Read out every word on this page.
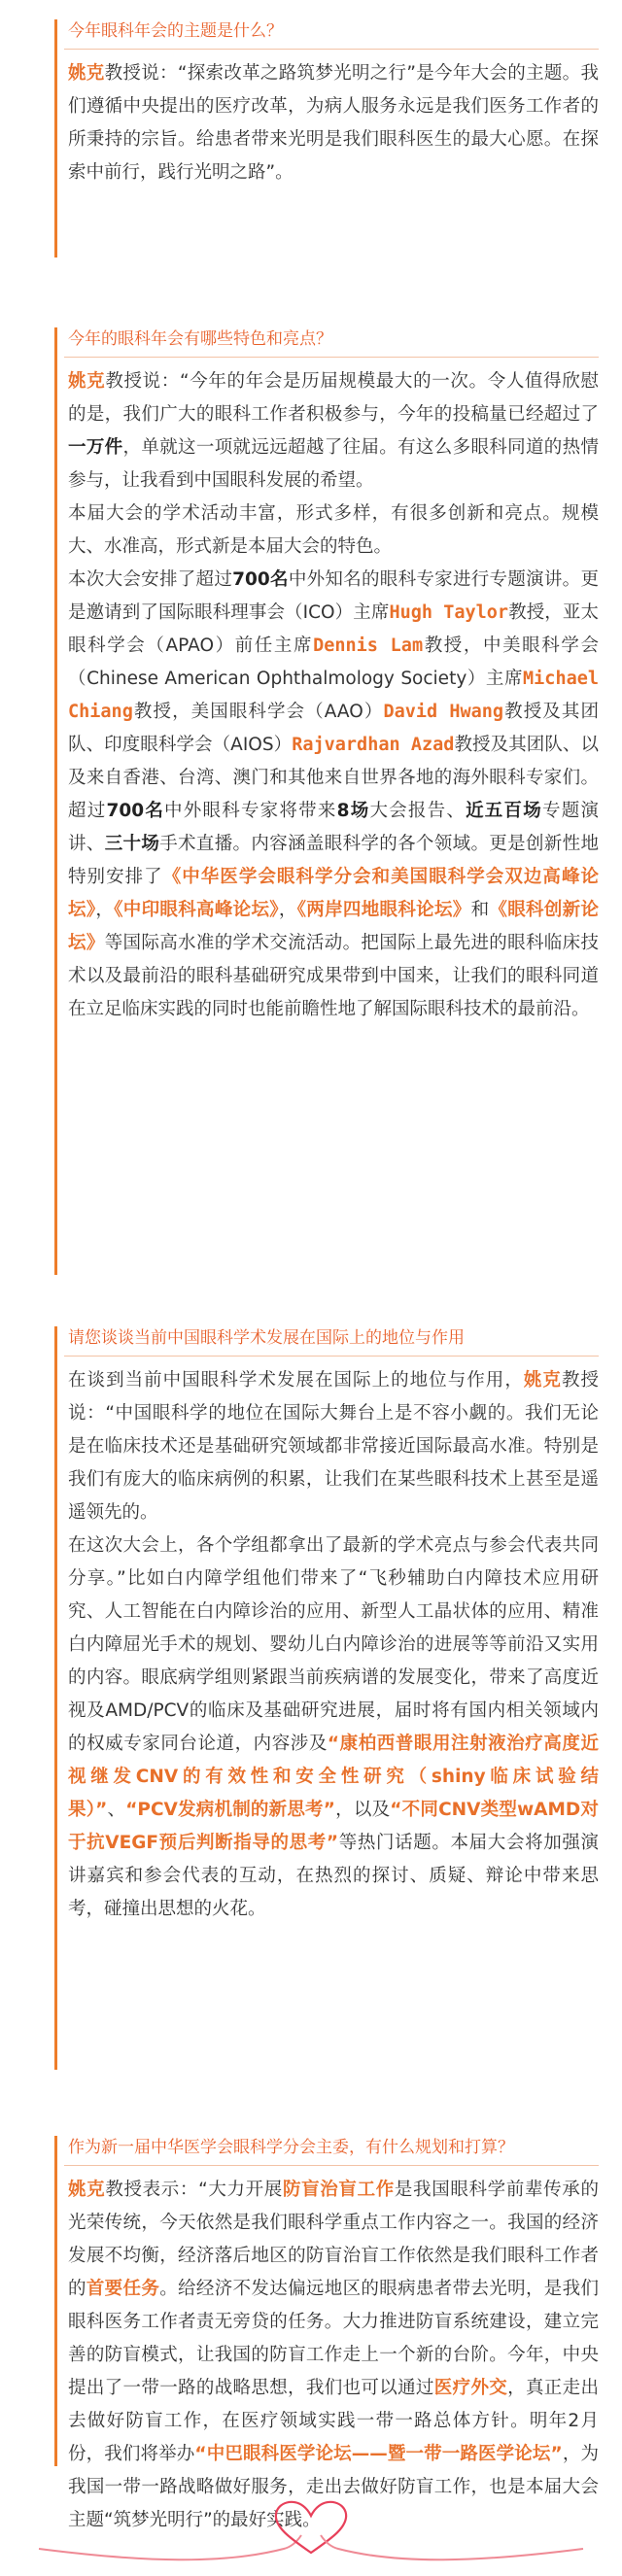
今年眼科年会的主题是什么？

姚克教授说：“探索改革之路筑梦光明之行”是今年大会的主题。我们遵循中央提出的医疗改革，为病人服务永远是我们医务工作者的所秉持的宗旨。给患者带来光明是我们眼科医生的最大心愿。在探索中前行，践行光明之路”。

今年的眼科年会有哪些特色和亮点？

姚克教授说：“今年的年会是历届规模最大的一次。令人值得欣慰的是，我们广大的眼科工作者积极参与，今年的投稿量已经超过了一万件，单就这一项就远远超越了往届。有这么多眼科同道的热情参与，让我看到中国眼科发展的希望。

本届大会的学术活动丰富，形式多样，有很多创新和亮点。规模大、水准高，形式新是本届大会的特色。

本次大会安排了超过700名中外知名的眼科专家进行专题演讲。更是邀请到了国际眼科理事会（ICO）主席Hugh Taylor教授，亚太眼科学会（APAO）前任主席Dennis Lam教授，中美眼科学会（Chinese American Ophthalmology Society）主席Michael Chiang教授，美国眼科学会（AAO）David Hwang教授及其团队、印度眼科学会（AIOS）Rajvardhan Azad教授及其团队、以及来自香港、台湾、澳门和其他来自世界各地的海外眼科专家们。超过700名中外眼科专家将带来8场大会报告、近五百场专题演讲、三十场手术直播。内容涵盖眼科学的各个领域。更是创新性地特别安排了《中华医学会眼科学分会和美国眼科学会双边高峰论坛》，《中印眼科高峰论坛》，《两岸四地眼科论坛》和《眼科创新论坛》等国际高水准的学术交流活动。把国际上最先进的眼科临床技术以及最前沿的眼科基础研究成果带到中国来，让我们的眼科同道在立足临床实践的同时也能前瞻性地了解国际眼科技术的最前沿。

请您谈谈当前中国眼科学术发展在国际上的地位与作用

在谈到当前中国眼科学术发展在国际上的地位与作用，姚克教授说：“中国眼科学的地位在国际大舞台上是不容小觑的。我们无论是在临床技术还是基础研究领域都非常接近国际最高水准。特别是我们有庞大的临床病例的积累，让我们在某些眼科技术上甚至是遥遥领先的。

在这次大会上，各个学组都拿出了最新的学术亮点与参会代表共同分享。”比如白内障学组他们带来了“飞秒辅助白内障技术应用研究、人工智能在白内障诊治的应用、新型人工晶状体的应用、精准白内障屈光手术的规划、婴幼儿白内障诊治的进展等等前沿又实用的内容。眼底病学组则紧跟当前疾病谱的发展变化，带来了高度近视及AMD/PCV的临床及基础研究进展，届时将有国内相关领域内的权威专家同台论道，内容涉及“康柏西普眼用注射液治疗高度近视继发CNV的有效性和安全性研究（shiny临床试验结果）”、“PCV发病机制的新思考”，以及“不同CNV类型wAMD对于抗VEGF预后判断指导的思考”等热门话题。本届大会将加强演讲嘉宾和参会代表的互动，在热烈的探讨、质疑、辩论中带来思考，碰撞出思想的火花。

作为新一届中华医学会眼科学分会主委，有什么规划和打算？

姚克教授表示：“大力开展防盲治盲工作是我国眼科学前辈传承的光荣传统，今天依然是我们眼科学重点工作内容之一。我国的经济发展不均衡，经济落后地区的防盲治盲工作依然是我们眼科工作者的首要任务。给经济不发达偏远地区的眼病患者带去光明，是我们眼科医务工作者责无旁贷的任务。大力推进防盲系统建设，建立完善的防盲模式，让我国的防盲工作走上一个新的台阶。今年，中央提出了一带一路的战略思想，我们也可以通过医疗外交，真正走出去做好防盲工作，在医疗领域实践一带一路总体方针。明年2月份，我们将举办“中巴眼科医学论坛——暨一带一路医学论坛”，为我国一带一路战略做好服务，走出去做好防盲工作，也是本届大会主题“筑梦光明行”的最好实践。
